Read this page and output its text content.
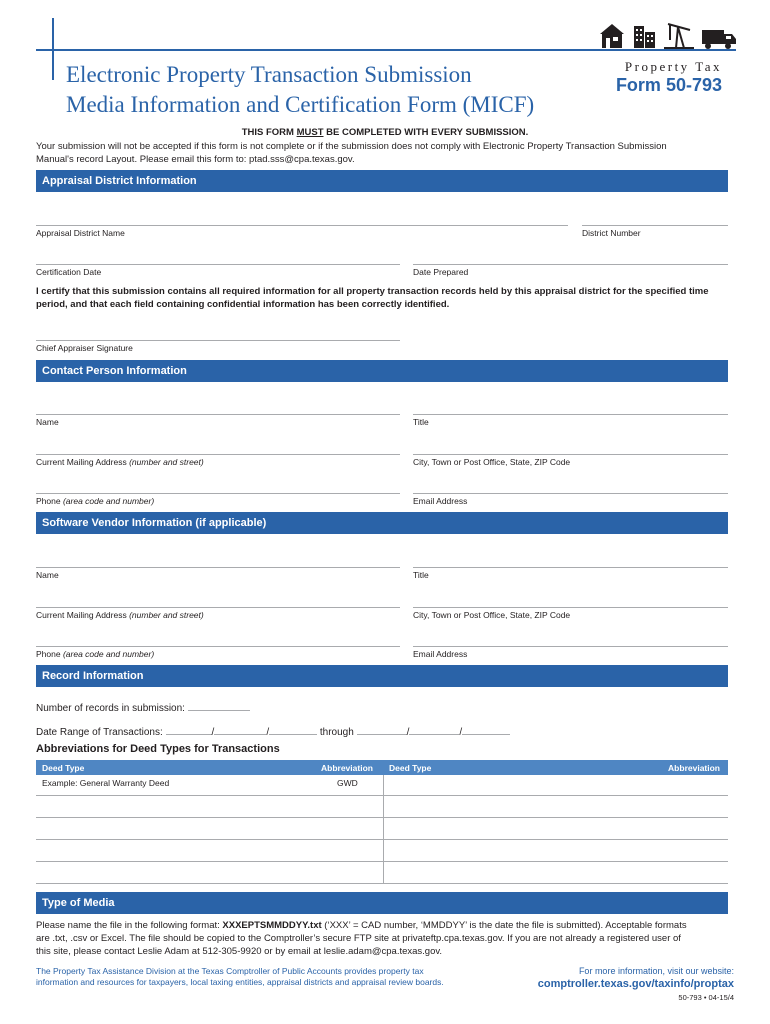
Electronic Property Transaction Submission
Media Information and Certification Form (MICF)
Property Tax
Form 50-793
THIS FORM MUST BE COMPLETED WITH EVERY SUBMISSION.
Your submission will not be accepted if this form is not complete or if the submission does not comply with Electronic Property Transaction Submission
Manual's record Layout. Please email this form to: ptad.sss@cpa.texas.gov.
Appraisal District Information
Appraisal District Name	District Number
Certification Date	Date Prepared
I certify that this submission contains all required information for all property transaction records held by this appraisal district for the specified time period, and that each field containing confidential information has been correctly identified.
Chief Appraiser Signature
Contact Person Information
Name	Title
Current Mailing Address (number and street)	City, Town or Post Office, State, ZIP Code
Phone (area code and number)	Email Address
Software Vendor Information (if applicable)
Name	Title
Current Mailing Address (number and street)	City, Town or Post Office, State, ZIP Code
Phone (area code and number)	Email Address
Record Information
Number of records in submission:
Date Range of Transactions:	/	/	through	/	/
Abbreviations for Deed Types for Transactions
Deed Type	Abbreviation Deed Type	Abbreviation
Example: General Warranty Deed	GWD
Type of Media
Please name the file in the following format: XXXEPTSMMDDYY.txt (‘XXX’ = CAD number, ‘MMDDYY’ is the date the file is submitted). Acceptable formats
are .txt, .csv or Excel. The file should be copied to the Comptroller’s secure FTP site at privateftp.cpa.texas.gov. If you are not already a registered user of
this site, please contact Leslie Adam at 512-305-9920 or by email at leslie.adam@cpa.texas.gov.
The Property Tax Assistance Division at the Texas Comptroller of Public Accounts provides property tax
information and resources for taxpayers, local taxing entities, appraisal districts and appraisal review boards.
For more information, visit our website:
comptroller.texas.gov/taxinfo/proptax
50-793 • 04-15/4
